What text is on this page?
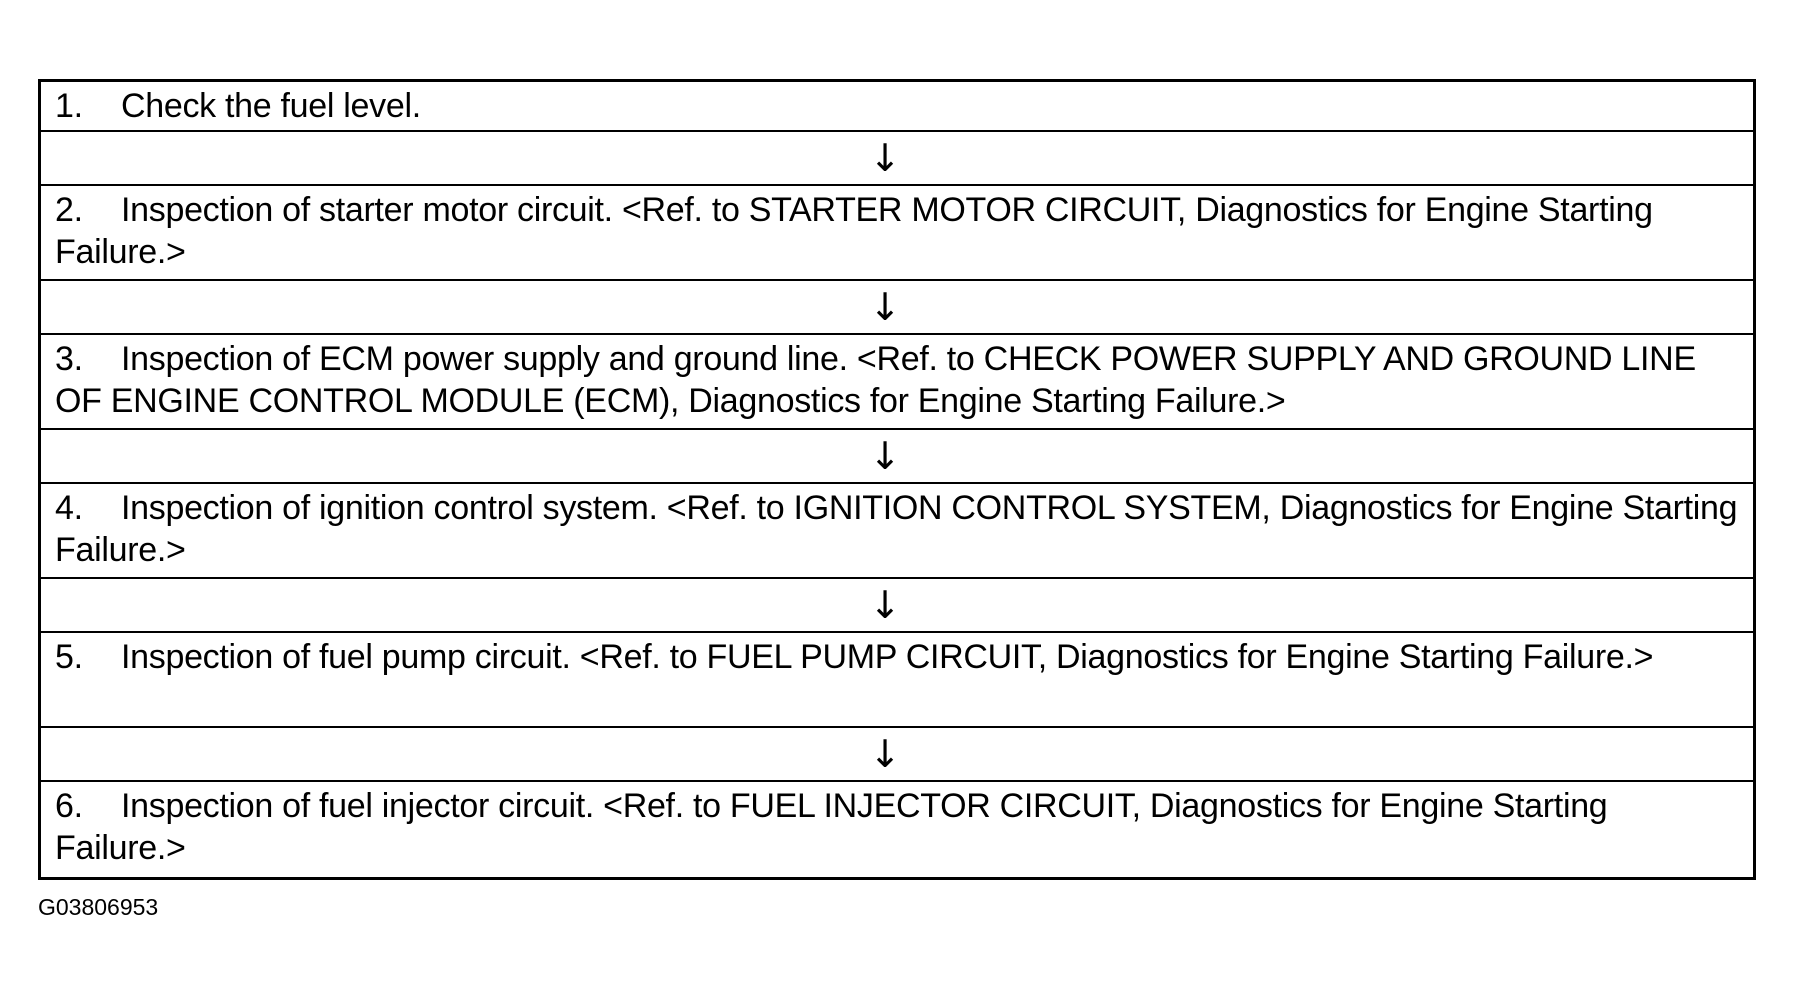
1. Check the fuel level.
↓
2. Inspection of starter motor circuit. <Ref. to STARTER MOTOR CIRCUIT, Diagnostics for Engine Starting Failure.>
↓
3. Inspection of ECM power supply and ground line. <Ref. to CHECK POWER SUPPLY AND GROUND LINE OF ENGINE CONTROL MODULE (ECM), Diagnostics for Engine Starting Failure.>
↓
4. Inspection of ignition control system. <Ref. to IGNITION CONTROL SYSTEM, Diagnostics for Engine Starting Failure.>
↓
5. Inspection of fuel pump circuit. <Ref. to FUEL PUMP CIRCUIT, Diagnostics for Engine Starting Failure.>
↓
6. Inspection of fuel injector circuit. <Ref. to FUEL INJECTOR CIRCUIT, Diagnostics for Engine Starting Failure.>
G03806953
